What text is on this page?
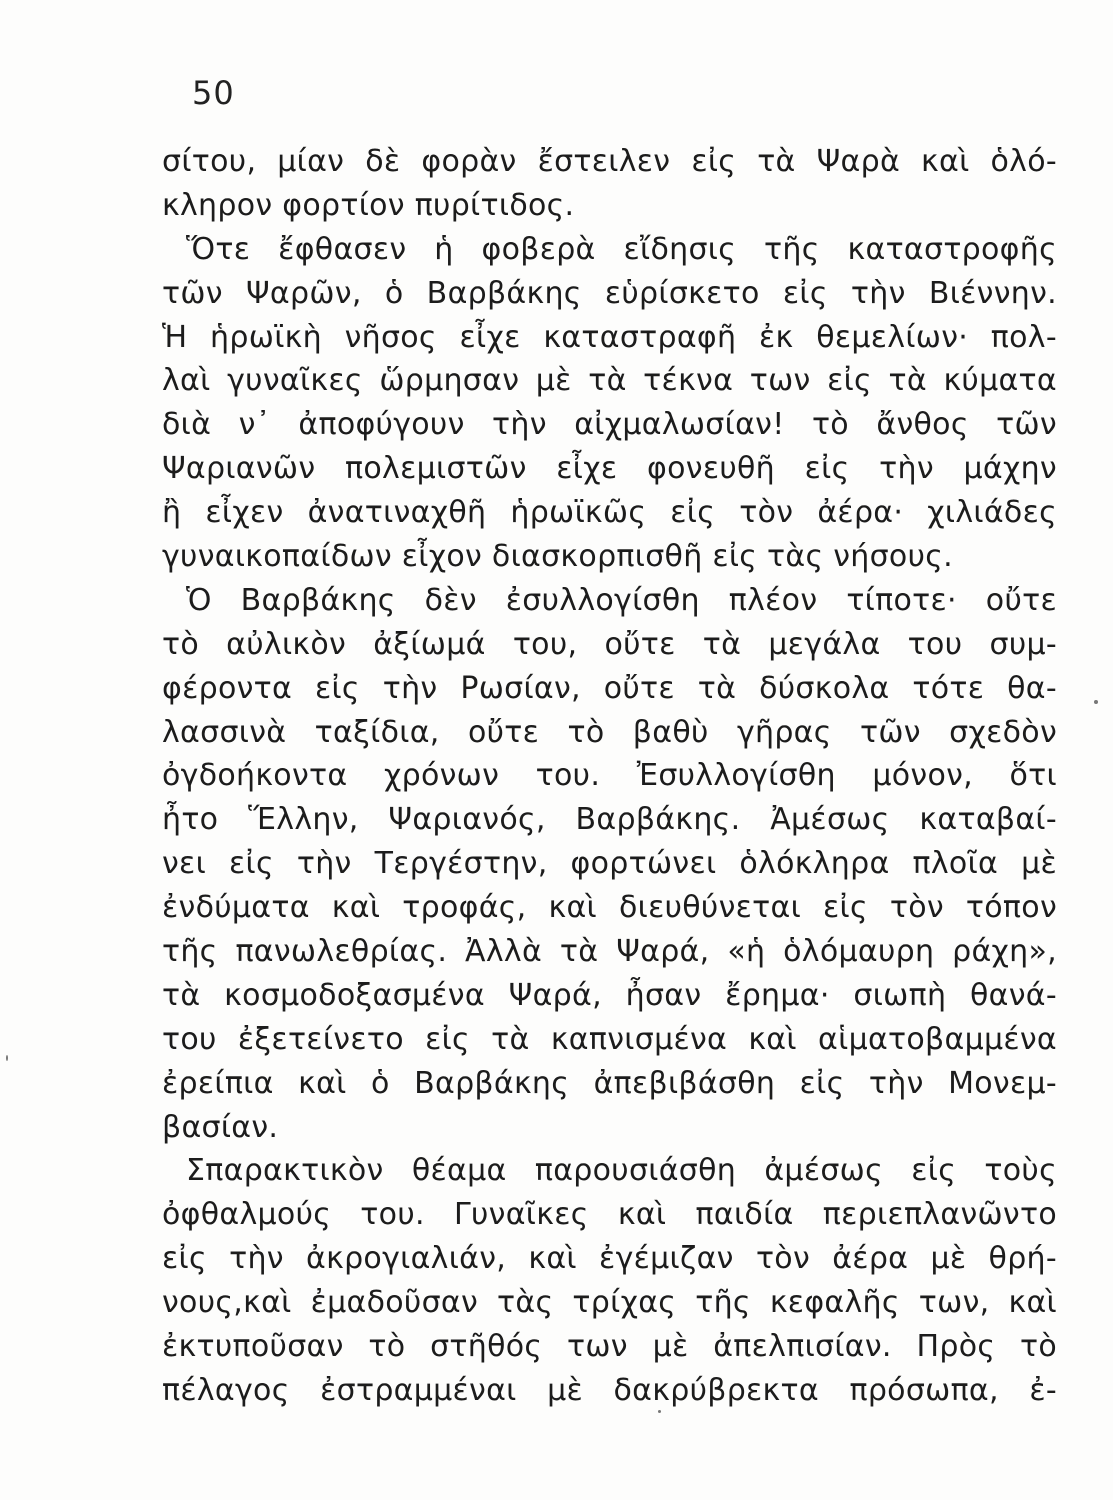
50
σίτου, μίαν δὲ φορὰν ἔστειλεν εἰς τὰ Ψαρὰ καὶ ὁλό-
κληρον φορτίον πυρίτιδος.
Ὅτε ἔφθασεν ἡ φοβερὰ εἴδησις τῆς καταστροφῆς
τῶν Ψαρῶν, ὁ Βαρβάκης εὑρίσκετο εἰς τὴν Βιέννην.
Ἡ ἡρωϊκὴ νῆσος εἶχε καταστραφῆ ἐκ θεμελίων· πολ-
λαὶ γυναῖκες ὥρμησαν μὲ τὰ τέκνα των εἰς τὰ κύματα
διὰ ν᾽ ἀποφύγουν τὴν αἰχμαλωσίαν! τὸ ἄνθος τῶν
Ψαριανῶν πολεμιστῶν εἶχε φονευθῆ εἰς τὴν μάχην
ἢ εἶχεν ἀνατιναχθῆ ἡρωϊκῶς εἰς τὸν ἀέρα· χιλιάδες
γυναικοπαίδων εἶχον διασκορπισθῆ εἰς τὰς νήσους.
Ὁ Βαρβάκης δὲν ἐσυλλογίσθη πλέον τίποτε· οὔτε
τὸ αὐλικὸν ἀξίωμά του, οὔτε τὰ μεγάλα του συμ-
φέροντα εἰς τὴν Ρωσίαν, οὔτε τὰ δύσκολα τότε θα-
λασσινὰ ταξίδια, οὔτε τὸ βαθὺ γῆρας τῶν σχεδὸν
ὀγδοήκοντα χρόνων του. Ἐσυλλογίσθη μόνον, ὅτι
ἦτο Ἕλλην, Ψαριανός, Βαρβάκης. Ἀμέσως καταβαί-
νει εἰς τὴν Τεργέστην, φορτώνει ὁλόκληρα πλοῖα μὲ
ἐνδύματα καὶ τροφάς, καὶ διευθύνεται εἰς τὸν τόπον
τῆς πανωλεθρίας. Ἀλλὰ τὰ Ψαρά, «ἡ ὁλόμαυρη ράχη»,
τὰ κοσμοδοξασμένα Ψαρά, ἦσαν ἔρημα· σιωπὴ θανά-
του ἐξετείνετο εἰς τὰ καπνισμένα καὶ αἱματοβαμμένα
ἐρείπια καὶ ὁ Βαρβάκης ἀπεβιβάσθη εἰς τὴν Μονεμ-
βασίαν.
Σπαρακτικὸν θέαμα παρουσιάσθη ἀμέσως εἰς τοὺς
ὀφθαλμούς του. Γυναῖκες καὶ παιδία περιεπλανῶντο
εἰς τὴν ἀκρογιαλιάν, καὶ ἐγέμιζαν τὸν ἀέρα μὲ θρή-
νους,καὶ ἐμαδοῦσαν τὰς τρίχας τῆς κεφαλῆς των, καὶ
ἐκτυποῦσαν τὸ στῆθός των μὲ ἀπελπισίαν. Πρὸς τὸ
πέλαγος ἐστραμμέναι μὲ δακρύβρεκτα πρόσωπα, ἐ-
